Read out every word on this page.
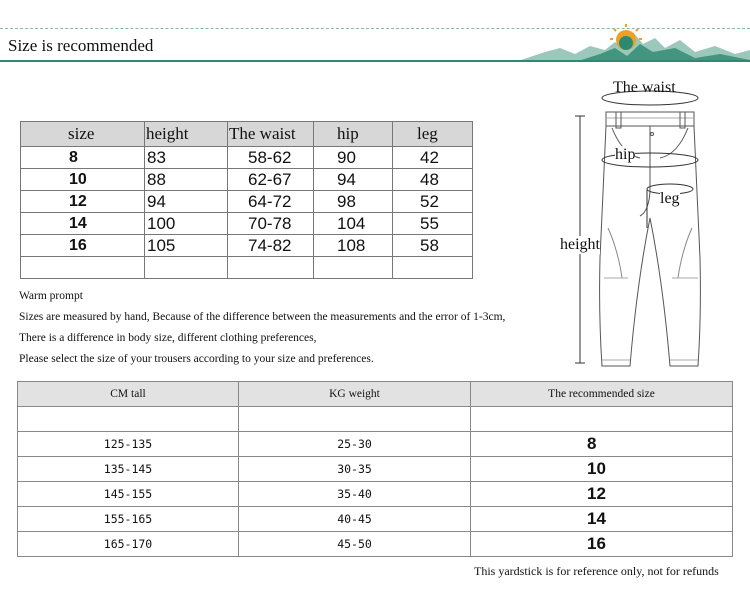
Size is recommended
size	height	The waist	hip	leg
8	83	58-62	90	42
10	88	62-67	94	48
12	94	64-72	98	52
14	100	70-78	104	55
16	105	74-82	108	58

Warm prompt
Sizes are measured by hand, Because of the difference between the measurements and the error of 1-3cm,
There is a difference in body size, different clothing preferences,
Please select the size of your trousers according to your size and preferences.
The waist
hip
leg
height
CM tall	KG weight	The recommended size

125-135	25-30	8
135-145	30-35	10
145-155	35-40	12
155-165	40-45	14
165-170	45-50	16
This yardstick is for reference only, not for refunds
